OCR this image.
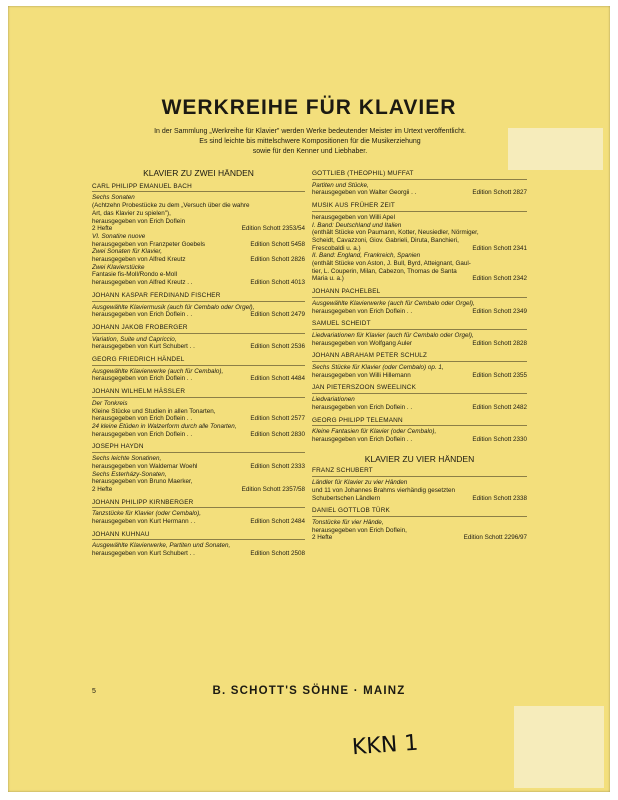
WERKREIHE FÜR KLAVIER
In der Sammlung „Werkreihe für Klavier" werden Werke bedeutender Meister im Urtext veröffentlicht.
Es sind leichte bis mittelschwere Kompositionen für die Musikerziehung
sowie für den Kenner und Liebhaber.
KLAVIER ZU ZWEI HÄNDEN
CARL PHILIPP EMANUEL BACH
Sechs Sonaten
(Achtzehn Probestücke zu dem „Versuch über die wahre
Art, das Klavier zu spielen"),
herausgegeben von Erich Doflein
2 Hefte	Edition Schott 2353/54
VI. Sonatine nuove
herausgegeben von Franzpeter Goebels	Edition Schott 5458
Zwei Sonaten für Klavier,
herausgegeben von Alfred Kreutz	Edition Schott 2826
Zwei Klavierstücke
Fantasie fis-Moll/Rondo e-Moll
herausgegeben von Alfred Kreutz . .	Edition Schott 4013
JOHANN KASPAR FERDINAND FISCHER
Ausgewählte Klaviermusik (auch für Cembalo oder Orgel),
herausgegeben von Erich Doflein . .	Edition Schott 2479
JOHANN JAKOB FROBERGER
Variation, Suite und Capriccio,
herausgegeben von Kurt Schubert . .	Edition Schott 2536
GEORG FRIEDRICH HÄNDEL
Ausgewählte Klavierwerke (auch für Cembalo),
herausgegeben von Erich Doflein . .	Edition Schott 4484
JOHANN WILHELM HÄSSLER
Der Tonkreis
Kleine Stücke und Studien in allen Tonarten,
herausgegeben von Erich Doflein . .	Edition Schott 2577
24 kleine Etüden in Walzerform durch alle Tonarten,
herausgegeben von Erich Doflein . .	Edition Schott 2830
JOSEPH HAYDN
Sechs leichte Sonatinen,
herausgegeben von Waldemar Woehl	Edition Schott 2333
Sechs Esterházy-Sonaten,
herausgegeben von Bruno Maerker,
2 Hefte	Edition Schott 2357/58
JOHANN PHILIPP KIRNBERGER
Tanzstücke für Klavier (oder Cembalo),
herausgegeben von Kurt Hermann . .	Edition Schott 2484
JOHANN KUHNAU
Ausgewählte Klavierwerke, Partiten und Sonaten,
herausgegeben von Kurt Schubert . .	Edition Schott 2508
GOTTLIEB (THEOPHIL) MUFFAT
Partiten und Stücke,
herausgegeben von Walter Georgii . .	Edition Schott 2827
MUSIK AUS FRÜHER ZEIT
herausgegeben von Willi Apel
I. Band: Deutschland und Italien
(enthält Stücke von Paumann, Kotter, Neusiedler, Nörmiger,
Scheidt, Cavazzoni, Giov. Gabrieli, Diruta, Banchieri,
Frescobaldi u. a.)	Edition Schott 2341
II. Band: England, Frankreich, Spanien
(enthält Stücke von Aston, J. Bull, Byrd, Atteignant, Gaul-
tier, L. Couperin, Milan, Cabezon, Thomas de Santa
Maria u. a.)	Edition Schott 2342
JOHANN PACHELBEL
Ausgewählte Klavierwerke (auch für Cembalo oder Orgel),
herausgegeben von Erich Doflein . .	Edition Schott 2349
SAMUEL SCHEIDT
Liedvariationen für Klavier (auch für Cembalo oder Orgel),
herausgegeben von Wolfgang Auler	Edition Schott 2828
JOHANN ABRAHAM PETER SCHULZ
Sechs Stücke für Klavier (oder Cembalo) op. 1,
herausgegeben von Willi Hillemann	Edition Schott 2355
JAN PIETERSZOON SWEELINCK
Liedvariationen
herausgegeben von Erich Doflein . .	Edition Schott 2482
GEORG PHILIPP TELEMANN
Kleine Fantasien für Klavier (oder Cembalo),
herausgegeben von Erich Doflein . .	Edition Schott 2330
KLAVIER ZU VIER HÄNDEN
FRANZ SCHUBERT
Ländler für Klavier zu vier Händen
und 11 von Johannes Brahms vierhändig gesetzten
Schubertschen Ländlern	Edition Schott 2338
DANIEL GOTTLOB TÜRK
Tonstücke für vier Hände,
herausgegeben von Erich Doflein,
2 Hefte	Edition Schott 2296/97
5	B. SCHOTT'S SÖHNE · MAINZ
KKN 1
